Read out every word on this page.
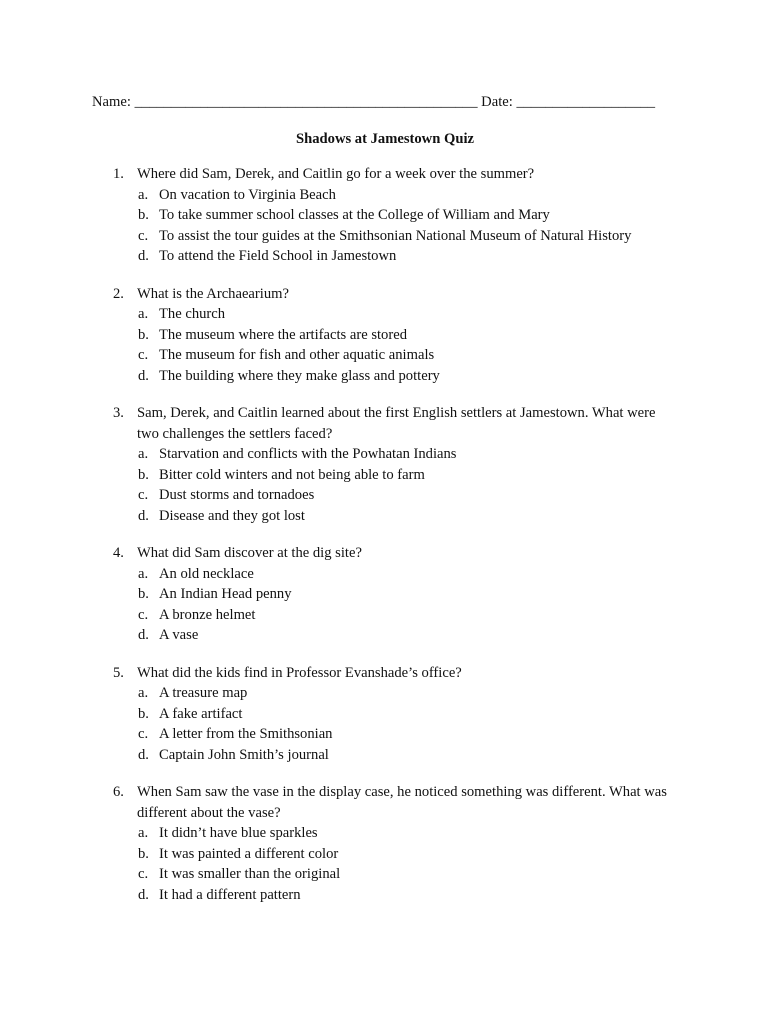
Name: _______________________________________________ Date: ___________________
Shadows at Jamestown Quiz
1. Where did Sam, Derek, and Caitlin go for a week over the summer?
a. On vacation to Virginia Beach
b. To take summer school classes at the College of William and Mary
c. To assist the tour guides at the Smithsonian National Museum of Natural History
d. To attend the Field School in Jamestown
2. What is the Archaearium?
a. The church
b. The museum where the artifacts are stored
c. The museum for fish and other aquatic animals
d. The building where they make glass and pottery
3. Sam, Derek, and Caitlin learned about the first English settlers at Jamestown. What were two challenges the settlers faced?
a. Starvation and conflicts with the Powhatan Indians
b. Bitter cold winters and not being able to farm
c. Dust storms and tornadoes
d. Disease and they got lost
4. What did Sam discover at the dig site?
a. An old necklace
b. An Indian Head penny
c. A bronze helmet
d. A vase
5. What did the kids find in Professor Evanshade’s office?
a. A treasure map
b. A fake artifact
c. A letter from the Smithsonian
d. Captain John Smith’s journal
6. When Sam saw the vase in the display case, he noticed something was different. What was different about the vase?
a. It didn’t have blue sparkles
b. It was painted a different color
c. It was smaller than the original
d. It had a different pattern
